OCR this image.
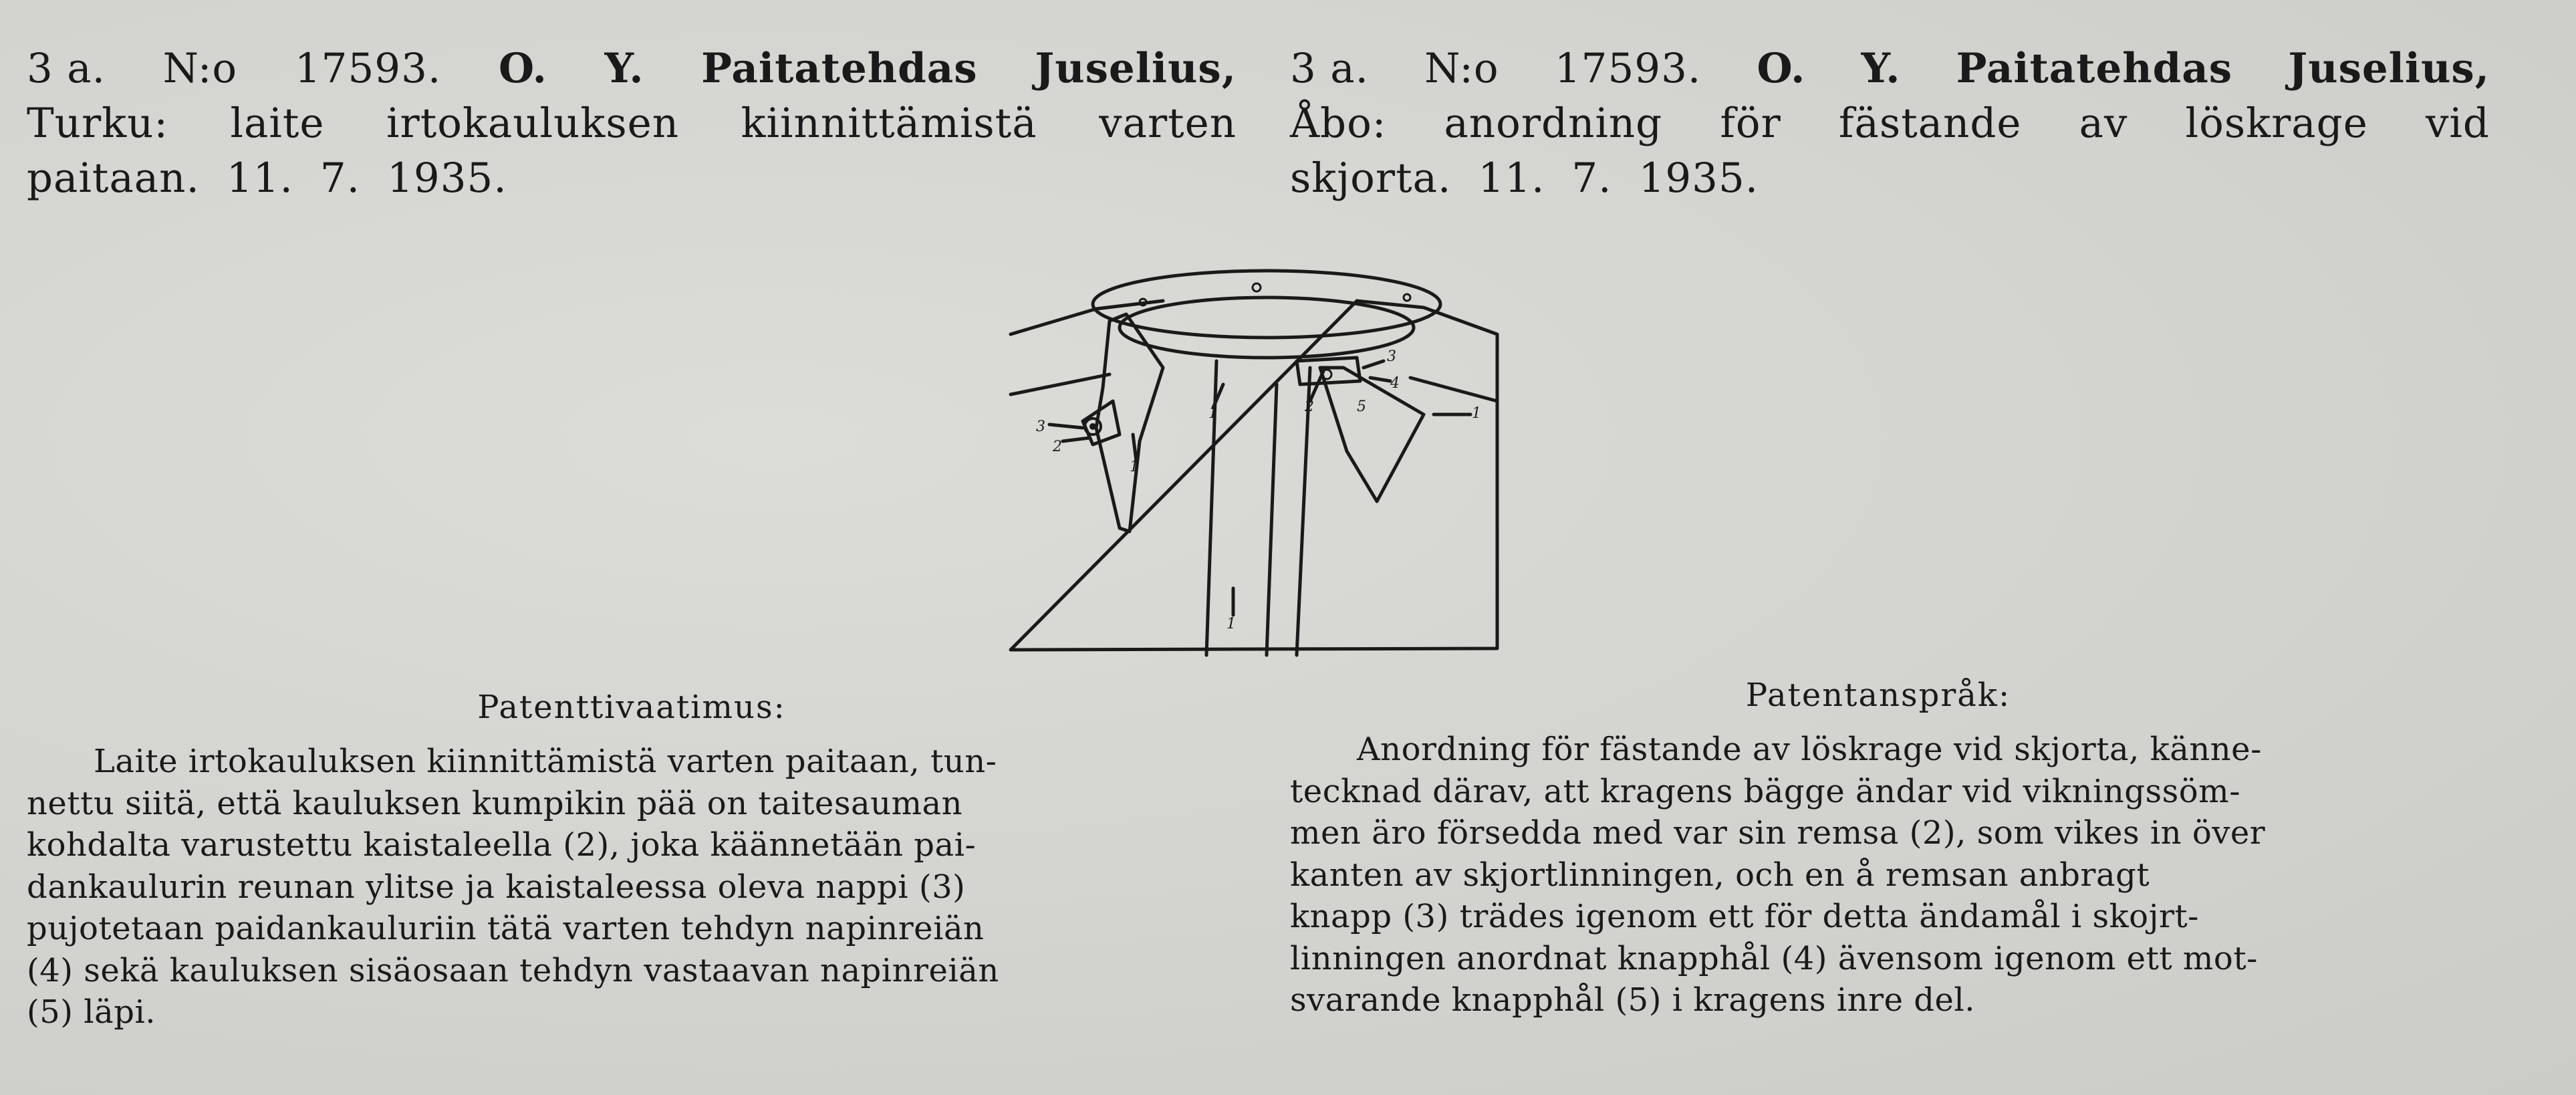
3 a. N:o 17593. O. Y. Paitatehdas Juselius,
Turku: laite irtokauluksen kiinnittämistä varten
paitaan. 11. 7. 1935.
3 a. N:o 17593. O. Y. Paitatehdas Juselius,
Åbo: anordning för fästande av löskrage vid
skjorta. 11. 7. 1935.
3
2
1
1	2
3
4
5	1
1
Patenttivaatimus:
Laite irtokauluksen kiinnittämistä varten paitaan, tun-
nettu siitä, että kauluksen kumpikin pää on taitesauman
kohdalta varustettu kaistaleella (2), joka käännetään pai-
dankaulurin reunan ylitse ja kaistaleessa oleva nappi (3)
pujotetaan paidankauluriin tätä varten tehdyn napinreiän
(4) sekä kauluksen sisäosaan tehdyn vastaavan napinreiän
(5) läpi.
Patentanspråk:
Anordning för fästande av löskrage vid skjorta, känne-
tecknad därav, att kragens bägge ändar vid vikningssöm-
men äro försedda med var sin remsa (2), som vikes in över
kanten av skjortlinningen, och en å remsan anbragt
knapp (3) trädes igenom ett för detta ändamål i skojrt-
linningen anordnat knapphål (4) ävensom igenom ett mot-
svarande knapphål (5) i kragens inre del.
